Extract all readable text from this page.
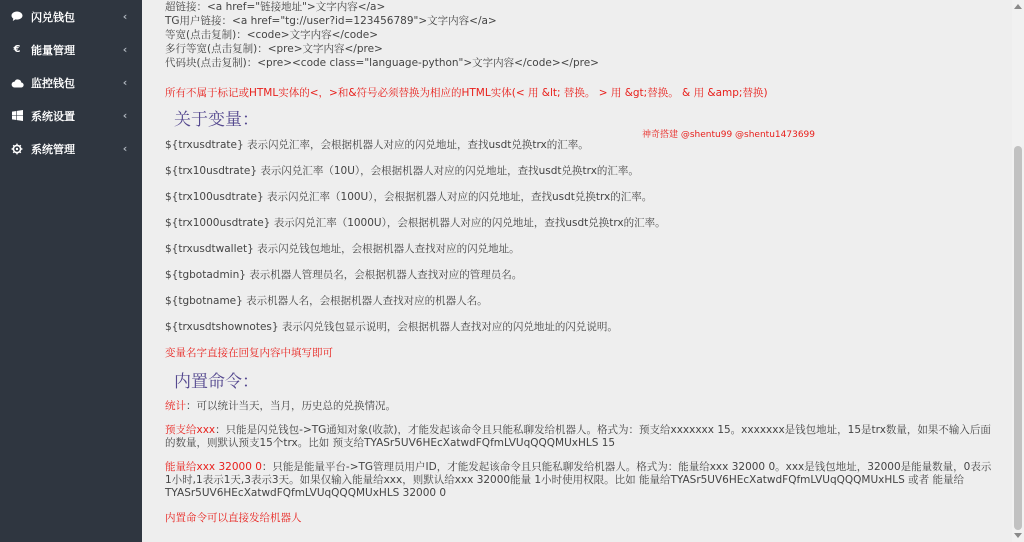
闪兑钱包	‹
€ 能量管理	‹
监控钱包	‹
系统设置	‹
系统管理	‹
超链接：<a href="链接地址">文字内容</a>
TG用户链接：<a href="tg://user?id=123456789">文字内容</a>
等宽(点击复制)：<code>文字内容</code>
多行等宽(点击复制)：<pre>文字内容</pre>
代码块(点击复制)：<pre><code class="language-python">文字内容</code></pre>
所有不属于标记或HTML实体的<，>和&符号必须替换为相应的HTML实体(< 用 &lt; 替换。 > 用 &gt;替换。 & 用 &amp;替换)
关于变量：
${trxusdtrate} 表示闪兑汇率，会根据机器人对应的闪兑地址，查找usdt兑换trx的汇率。
${trx10usdtrate} 表示闪兑汇率（10U），会根据机器人对应的闪兑地址，查找usdt兑换trx的汇率。
${trx100usdtrate} 表示闪兑汇率（100U），会根据机器人对应的闪兑地址，查找usdt兑换trx的汇率。
${trx1000usdtrate} 表示闪兑汇率（1000U），会根据机器人对应的闪兑地址，查找usdt兑换trx的汇率。
${trxusdtwallet} 表示闪兑钱包地址，会根据机器人查找对应的闪兑地址。
${tgbotadmin} 表示机器人管理员名，会根据机器人查找对应的管理员名。
${tgbotname} 表示机器人名，会根据机器人查找对应的机器人名。
${trxusdtshownotes} 表示闪兑钱包显示说明，会根据机器人查找对应的闪兑地址的闪兑说明。
变量名字直接在回复内容中填写即可
内置命令：
统计：可以统计当天，当月，历史总的兑换情况。
预支给xxx：只能是闪兑钱包->TG通知对象(收款)，才能发起该命令且只能私聊发给机器人。格式为：预支给xxxxxxx 15。xxxxxxx是钱包地址，15是trx数量，如果不输入后面的数量，则默认预支15个trx。比如 预支给TYASr5UV6HEcXatwdFQfmLVUqQQQMUxHLS 15
能量给xxx 32000 0：只能是能量平台->TG管理员用户ID，才能发起该命令且只能私聊发给机器人。格式为：能量给xxx 32000 0。xxx是钱包地址，32000是能量数量，0表示1小时,1表示1天,3表示3天。如果仅输入能量给xxx，则默认给xxx 32000能量 1小时使用权限。比如 能量给TYASr5UV6HEcXatwdFQfmLVUqQQQMUxHLS 或者 能量给TYASr5UV6HEcXatwdFQfmLVUqQQQMUxHLS 32000 0
内置命令可以直接发给机器人
神奇搭建 @shentu99 @shentu1473699
